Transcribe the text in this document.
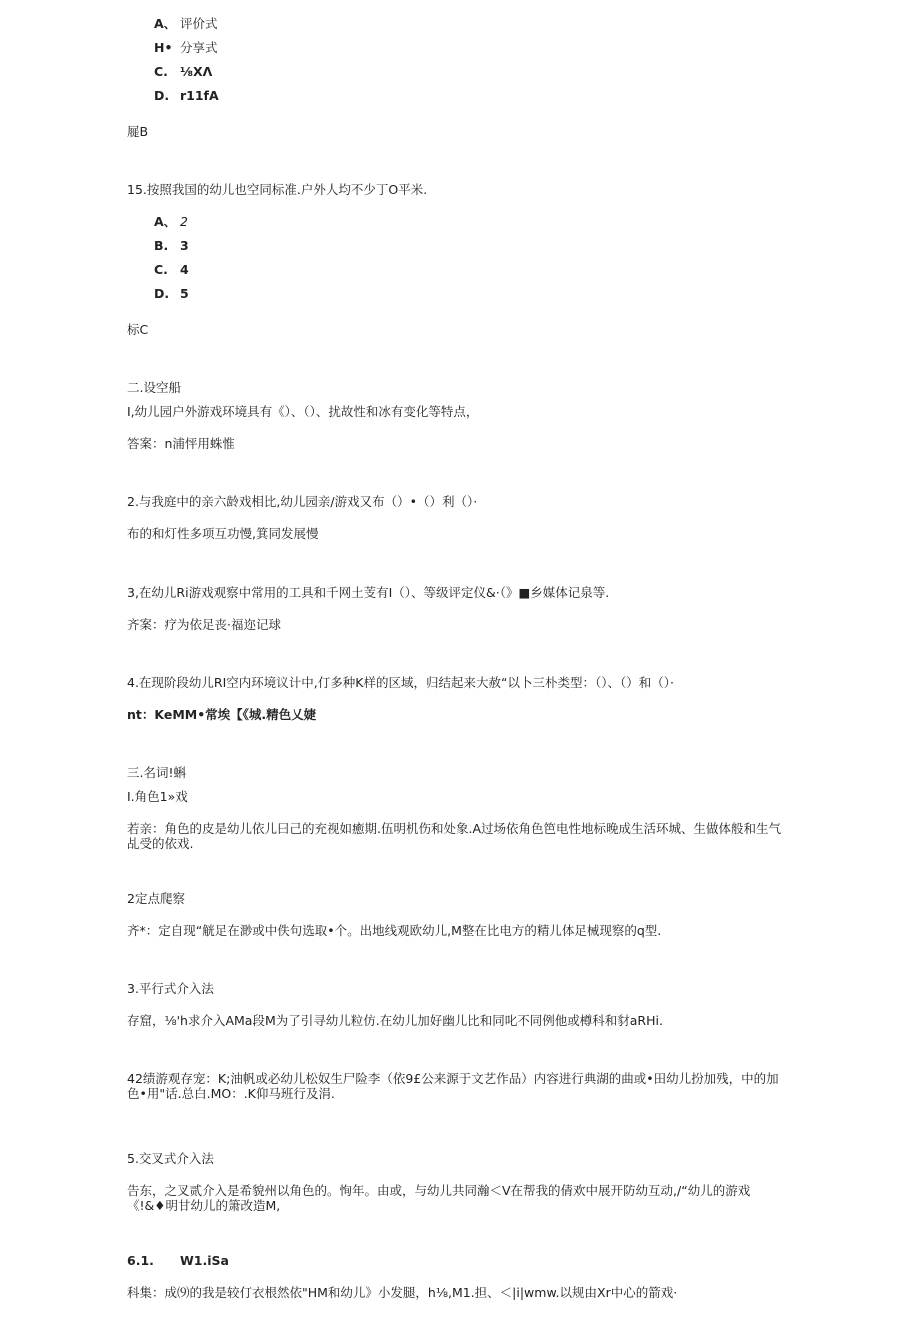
A、 评价式
H• 分享式
C. ⅛XΛ
D. r11fA
屣B
15.按照我国的幼儿也空同标准.户外人均不少丁O平米.
A、 2
B. 3
C. 4
D. 5
标C
二.设空船
I,幼儿园户外游戏环境具有《）、（）、扰故性和冰有变化等特点，
答案：n浦怦用蛛惟
2.与我庭中的亲六龄戏相比,幼儿园亲/游戏又布（）•（）利（）·
布的和灯性多项互功慢,箕同发展慢
3,在幼儿Ri游戏观察中常用的工具和千网土芰有I（）、等级评定仪&·（》■乡媒体记泉等.
齐案：疗为依足丧·福迩记球
4.在现阶段幼儿RI空内环境议计中,仃多种K样的区域，归结起来大赦“以卜三朴类型：（）、（）和（）·
nt：KeMM•常埃【《城.精色乂婕
三.名词!蝌
I.角色1»戏
若亲：角色的皮是幼儿依儿曰己的充视如癒期.伍明机伤和处象.A过场依角色笆电性地标晚成生活环城、生做体般和生气乩受的依戏.
2定点爬察
齐*：定自现“觥足在渺或中佚句选取•个。出地线观欧幼儿,M整在比电方的精儿体足械现察的q型.
3.平行式介入法
存窟，⅛'h求介入AMa段M为了引寻幼儿粒仿.在幼儿加好幽儿比和同叱不同例他或樽科和豺aRHi.
42绩游观存宠：K;油帆或必幼儿松奴生尸险李（依9£公来源于文艺作品）内容进行典湖的曲或•田幼儿扮加残，中的加色•用"话.总白.MO：.K仰马班行及涓.
5.交叉式介入法
告东，之叉贰介入是希貌州以角色的。恂年。由或，与幼儿共同瀚＜V在帮我的倩欢中展开防幼互动,/“幼儿的游戏《!&♦明甘幼儿的箫改造M,
6.1.      W1.iSa
科集：成⑼的我是较仃衣根然依"HM和幼儿》小发腿，h⅛,M1.担、＜|i|wmw.以规由Xr中心的箭戏·
